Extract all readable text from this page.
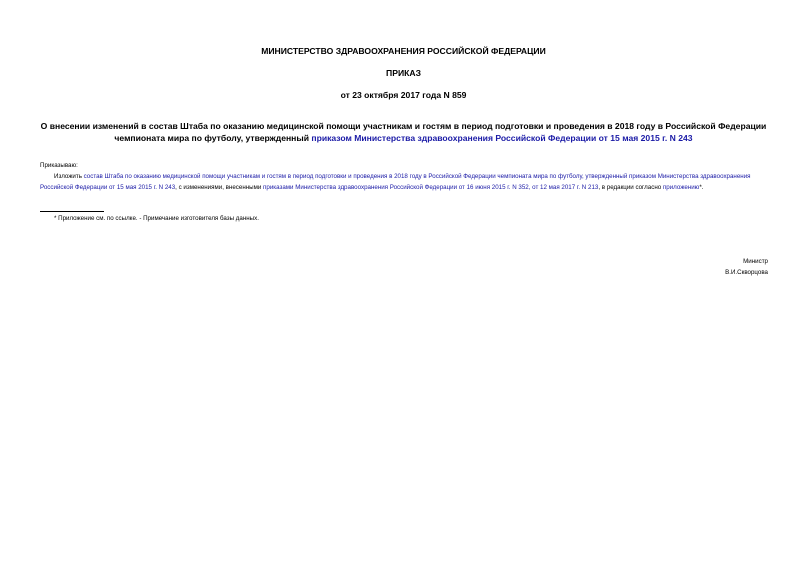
МИНИСТЕРСТВО ЗДРАВООХРАНЕНИЯ РОССИЙСКОЙ ФЕДЕРАЦИИ
ПРИКАЗ
от 23 октября 2017 года N 859
О внесении изменений в состав Штаба по оказанию медицинской помощи участникам и гостям в период подготовки и проведения в 2018 году в Российской Федерации чемпионата мира по футболу, утвержденный приказом Министерства здравоохранения Российской Федерации от 15 мая 2015 г. N 243
Приказываю:
Изложить состав Штаба по оказанию медицинской помощи участникам и гостям в период подготовки и проведения в 2018 году в Российской Федерации чемпионата мира по футболу, утвержденный приказом Министерства здравоохранения Российской Федерации от 15 мая 2015 г. N 243, с изменениями, внесенными приказами Министерства здравоохранения Российской Федерации от 16 июня 2015 г. N 352, от 12 мая 2017 г. N 213, в редакции согласно приложению*.
* Приложение см. по ссылке. - Примечание изготовителя базы данных.
Министр
В.И.Скворцова
